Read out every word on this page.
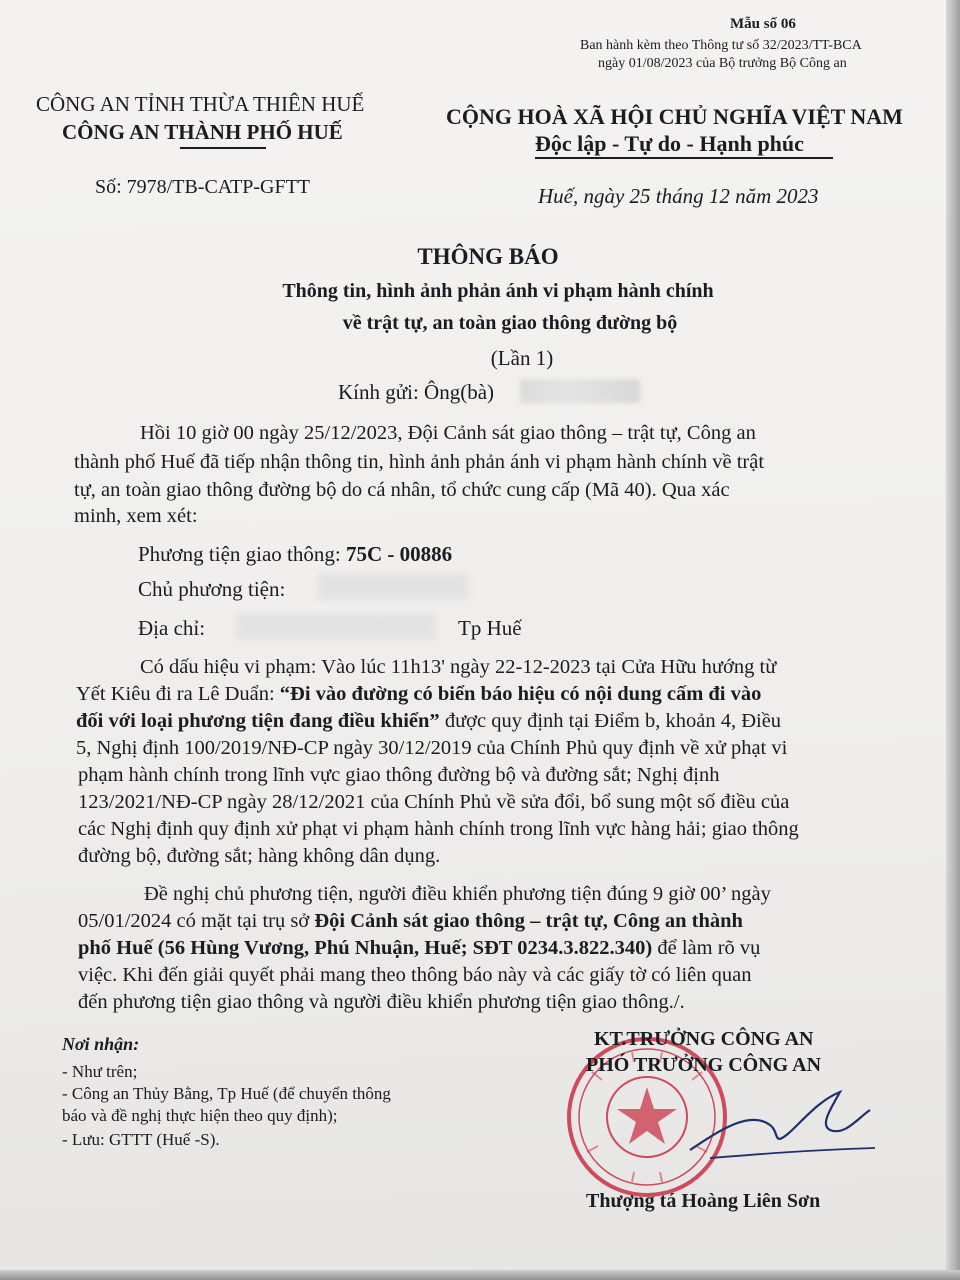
Mẫu số 06
Ban hành kèm theo Thông tư số 32/2023/TT-BCA
ngày 01/08/2023 của Bộ trưởng Bộ Công an
CÔNG AN TỈNH THỪA THIÊN HUẾ
CÔNG AN THÀNH PHỐ HUẾ
CỘNG HOÀ XÃ HỘI CHỦ NGHĨA VIỆT NAM
Độc lập - Tự do - Hạnh phúc
Số: 7978/TB-CATP-GFTT	Huế, ngày 25 tháng 12 năm 2023
THÔNG BÁO
Thông tin, hình ảnh phản ánh vi phạm hành chính
về trật tự, an toàn giao thông đường bộ
(Lần 1)
Kính gửi: Ông(bà)
Hồi 10 giờ 00 ngày 25/12/2023, Đội Cảnh sát giao thông – trật tự, Công an
thành phố Huế đã tiếp nhận thông tin, hình ảnh phản ánh vi phạm hành chính về trật
tự, an toàn giao thông đường bộ do cá nhân, tổ chức cung cấp (Mã 40). Qua xác
minh, xem xét:
Phương tiện giao thông: 75C - 00886
Chủ phương tiện:
Địa chỉ:	Tp Huế
Có dấu hiệu vi phạm: Vào lúc 11h13' ngày 22-12-2023 tại Cửa Hữu hướng từ
Yết Kiêu đi ra Lê Duẩn: “Đi vào đường có biển báo hiệu có nội dung cấm đi vào
đối với loại phương tiện đang điều khiển” được quy định tại Điểm b, khoản 4, Điều
5, Nghị định 100/2019/NĐ-CP ngày 30/12/2019 của Chính Phủ quy định về xử phạt vi
phạm hành chính trong lĩnh vực giao thông đường bộ và đường sắt; Nghị định
123/2021/NĐ-CP ngày 28/12/2021 của Chính Phủ về sửa đổi, bổ sung một số điều của
các Nghị định quy định xử phạt vi phạm hành chính trong lĩnh vực hàng hải; giao thông
đường bộ, đường sắt; hàng không dân dụng.
Đề nghị chủ phương tiện, người điều khiển phương tiện đúng 9 giờ 00’ ngày
05/01/2024 có mặt tại trụ sở Đội Cảnh sát giao thông – trật tự, Công an thành
phố Huế (56 Hùng Vương, Phú Nhuận, Huế; SĐT 0234.3.822.340) để làm rõ vụ
việc. Khi đến giải quyết phải mang theo thông báo này và các giấy tờ có liên quan
đến phương tiện giao thông và người điều khiển phương tiện giao thông./.
Nơi nhận:
- Như trên;
- Công an Thủy Bằng, Tp Huế (để chuyển thông
báo và đề nghị thực hiện theo quy định);
- Lưu: GTTT (Huế -S).
KT.TRƯỞNG CÔNG AN
PHÓ TRƯỞNG CÔNG AN
Thượng tá Hoàng Liên Sơn
